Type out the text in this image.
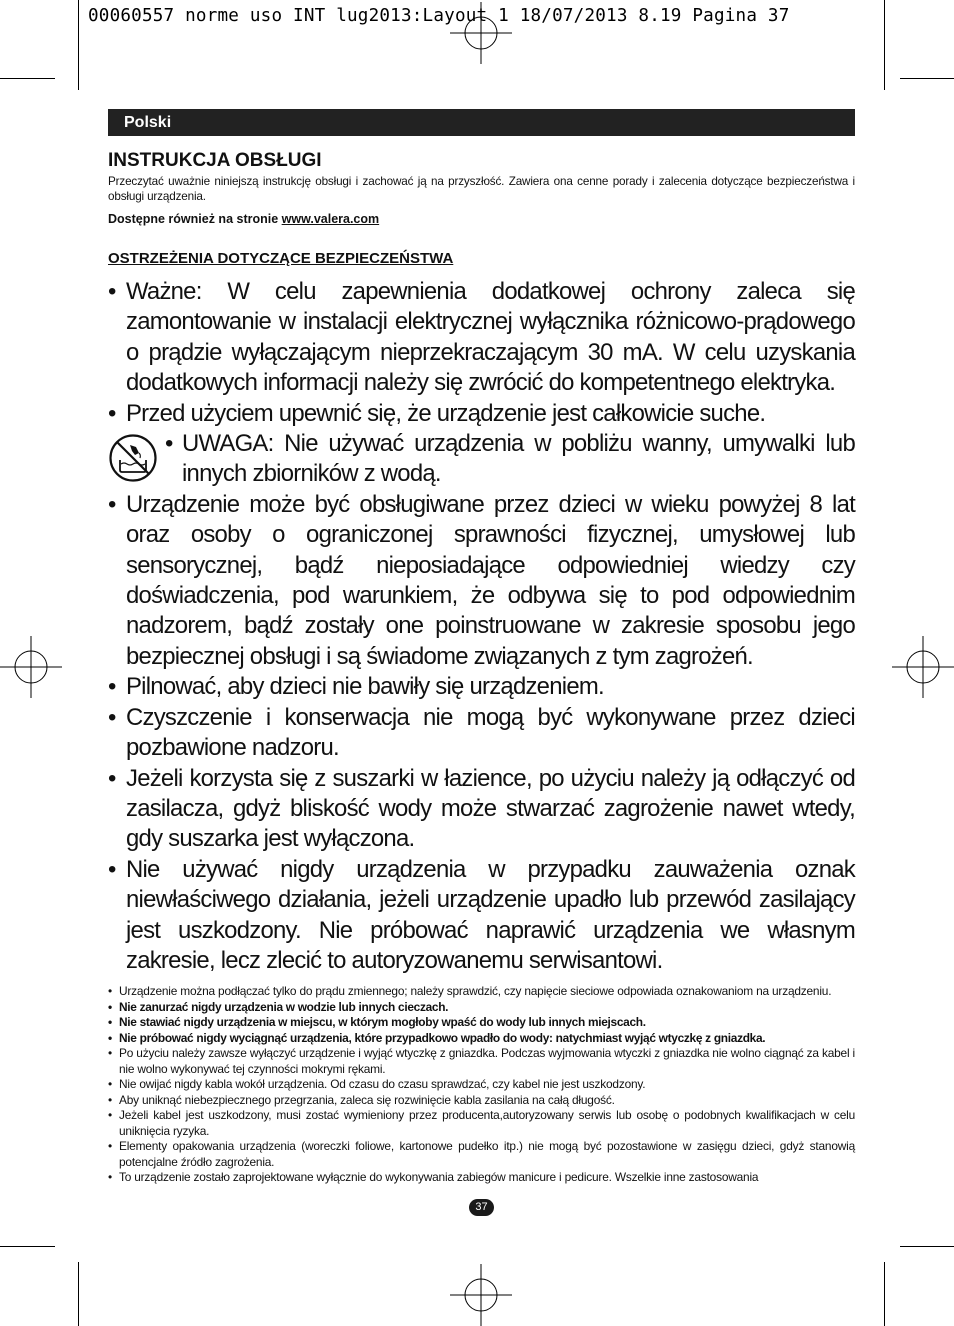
00060557 norme uso INT lug2013:Layout 1 18/07/2013 8.19 Pagina 37
Polski
INSTRUKCJA OBSŁUGI

Przeczytać uważnie niniejszą instrukcję obsługi i zachować ją na przyszłość. Zawiera ona cenne porady i zalecenia dotyczące bezpieczeństwa i obsługi urządzenia.

Dostępne również na stronie www.valera.com

OSTRZEŻENIA DOTYCZĄCE BEZPIECZEŃSTWA
• Ważne: W celu zapewnienia dodatkowej ochrony zaleca się zamontowanie w instalacji elektrycznej wyłącznika różnicowo-prądowego o prądzie wyłączającym nieprzekraczającym 30 mA. W celu uzyskania dodatkowych informacji należy się zwrócić do kompetentnego elektryka.
• Przed użyciem upewnić się, że urządzenie jest całkowicie suche.
• UWAGA: Nie używać urządzenia w pobliżu wanny, umywalki lub innych zbiorników z wodą.
• Urządzenie może być obsługiwane przez dzieci w wieku powyżej 8 lat oraz osoby o ograniczonej sprawności fizycznej, umysłowej lub sensorycznej, bądź nieposiadające odpowiedniej wiedzy czy doświadczenia, pod warunkiem, że odbywa się to pod odpowiednim nadzorem, bądź zostały one poinstruowane w zakresie sposobu jego bezpiecznej obsługi i są świadome związanych z tym zagrożeń.
• Pilnować, aby dzieci nie bawiły się urządzeniem.
• Czyszczenie i konserwacja nie mogą być wykonywane przez dzieci pozbawione nadzoru.
• Jeżeli korzysta się z suszarki w łazience, po użyciu należy ją odłączyć od zasilacza, gdyż bliskość wody może stwarzać zagrożenie nawet wtedy, gdy suszarka jest wyłączona.
• Nie używać nigdy urządzenia w przypadku zauważenia oznak niewłaściwego działania, jeżeli urządzenie upadło lub przewód zasilający jest uszkodzony. Nie próbować naprawić urządzenia we własnym zakresie, lecz zlecić to autoryzowanemu serwisantowi.
• Urządzenie można podłączać tylko do prądu zmiennego; należy sprawdzić, czy napięcie sieciowe odpowiada oznakowaniom na urządzeniu.
• Nie zanurzać nigdy urządzenia w wodzie lub innych cieczach.
• Nie stawiać nigdy urządzenia w miejscu, w którym mogłoby wpaść do wody lub innych miejscach.
• Nie próbować nigdy wyciągnąć urządzenia, które przypadkowo wpadło do wody: natychmiast wyjąć wtyczkę z gniazdka.
• Po użyciu należy zawsze wyłączyć urządzenie i wyjąć wtyczkę z gniazdka. Podczas wyjmowania wtyczki z gniazdka nie wolno ciągnąć za kabel i nie wolno wykonywać tej czynności mokrymi rękami.
• Nie owijać nigdy kabla wokół urządzenia. Od czasu do czasu sprawdzać, czy kabel nie jest uszkodzony.
• Aby uniknąć niebezpiecznego przegrzania, zaleca się rozwinięcie kabla zasilania na całą długość.
• Jeżeli kabel jest uszkodzony, musi zostać wymieniony przez producenta,autoryzowany serwis lub osobę o podobnych kwalifikacjach w celu uniknięcia ryzyka.
• Elementy opakowania urządzenia (woreczki foliowe, kartonowe pudełko itp.) nie mogą być pozostawione w zasięgu dzieci, gdyż stanowią potencjalne źródło zagrożenia.
• To urządzenie zostało zaprojektowane wyłącznie do wykonywania zabiegów manicure i pedicure. Wszelkie inne zastosowania
37
